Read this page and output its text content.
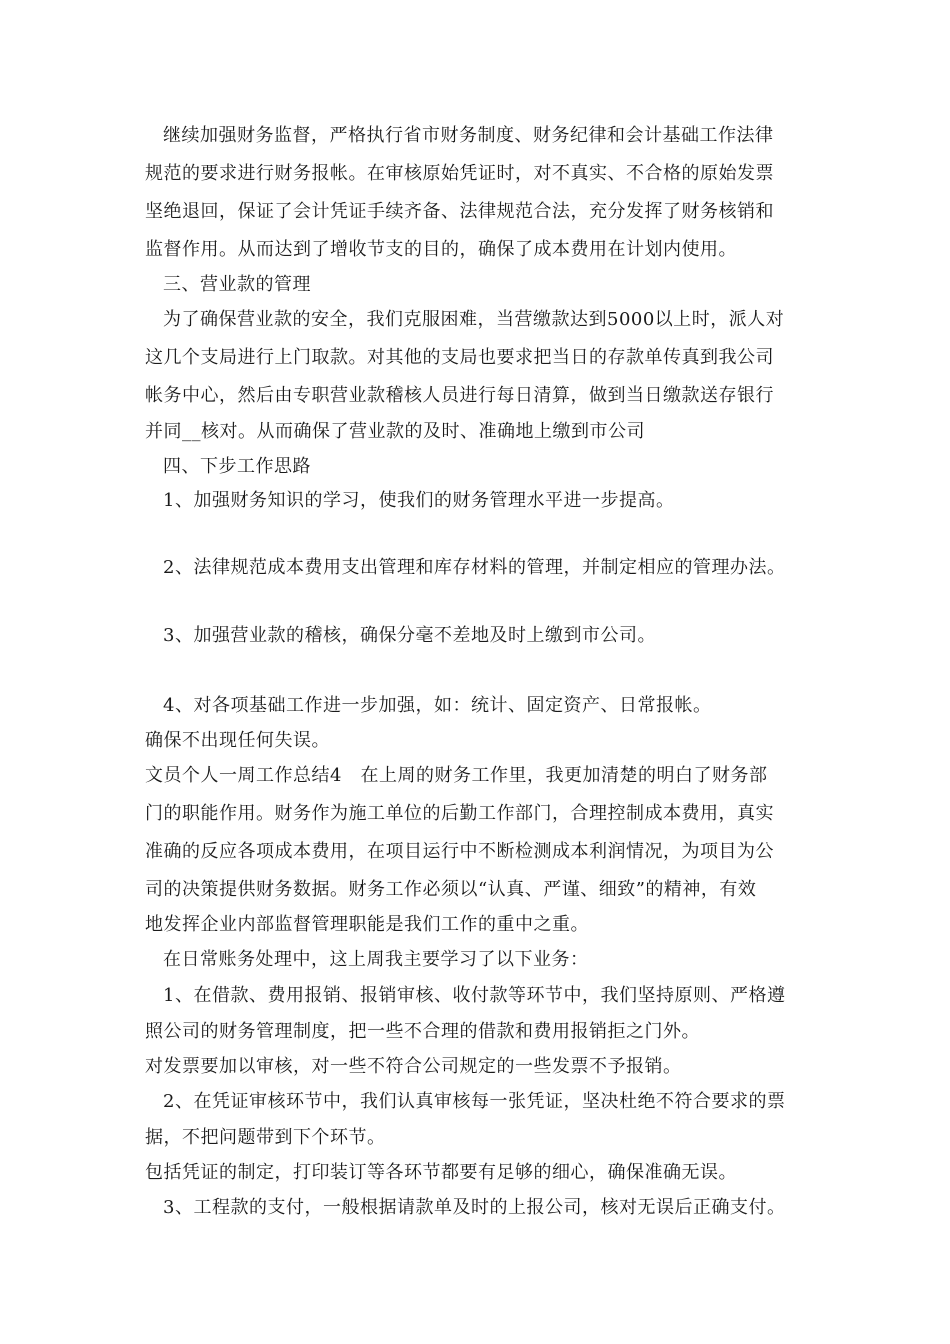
继续加强财务监督，严格执行省市财务制度、财务纪律和会计基础工作法律
规范的要求进行财务报帐。在审核原始凭证时，对不真实、不合格的原始发票
坚绝退回，保证了会计凭证手续齐备、法律规范合法，充分发挥了财务核销和
监督作用。从而达到了增收节支的目的，确保了成本费用在计划内使用。
三、营业款的管理
为了确保营业款的安全，我们克服困难，当营缴款达到5000以上时，派人对
这几个支局进行上门取款。对其他的支局也要求把当日的存款单传真到我公司
帐务中心，然后由专职营业款稽核人员进行每日清算，做到当日缴款送存银行
并同__核对。从而确保了营业款的及时、准确地上缴到市公司
四、下步工作思路
1、加强财务知识的学习，使我们的财务管理水平进一步提高。
2、法律规范成本费用支出管理和库存材料的管理，并制定相应的管理办法。
3、加强营业款的稽核，确保分毫不差地及时上缴到市公司。
4、对各项基础工作进一步加强，如：统计、固定资产、日常报帐。
确保不出现任何失误。
文员个人一周工作总结4　在上周的财务工作里，我更加清楚的明白了财务部
门的职能作用。财务作为施工单位的后勤工作部门，合理控制成本费用，真实
准确的反应各项成本费用，在项目运行中不断检测成本利润情况，为项目为公
司的决策提供财务数据。财务工作必须以“认真、严谨、细致”的精神，有效
地发挥企业内部监督管理职能是我们工作的重中之重。
在日常账务处理中，这上周我主要学习了以下业务：
1、在借款、费用报销、报销审核、收付款等环节中，我们坚持原则、严格遵
照公司的财务管理制度，把一些不合理的借款和费用报销拒之门外。
对发票要加以审核，对一些不符合公司规定的一些发票不予报销。
2、在凭证审核环节中，我们认真审核每一张凭证，坚决杜绝不符合要求的票
据，不把问题带到下个环节。
包括凭证的制定，打印装订等各环节都要有足够的细心，确保准确无误。
3、工程款的支付，一般根据请款单及时的上报公司，核对无误后正确支付。
